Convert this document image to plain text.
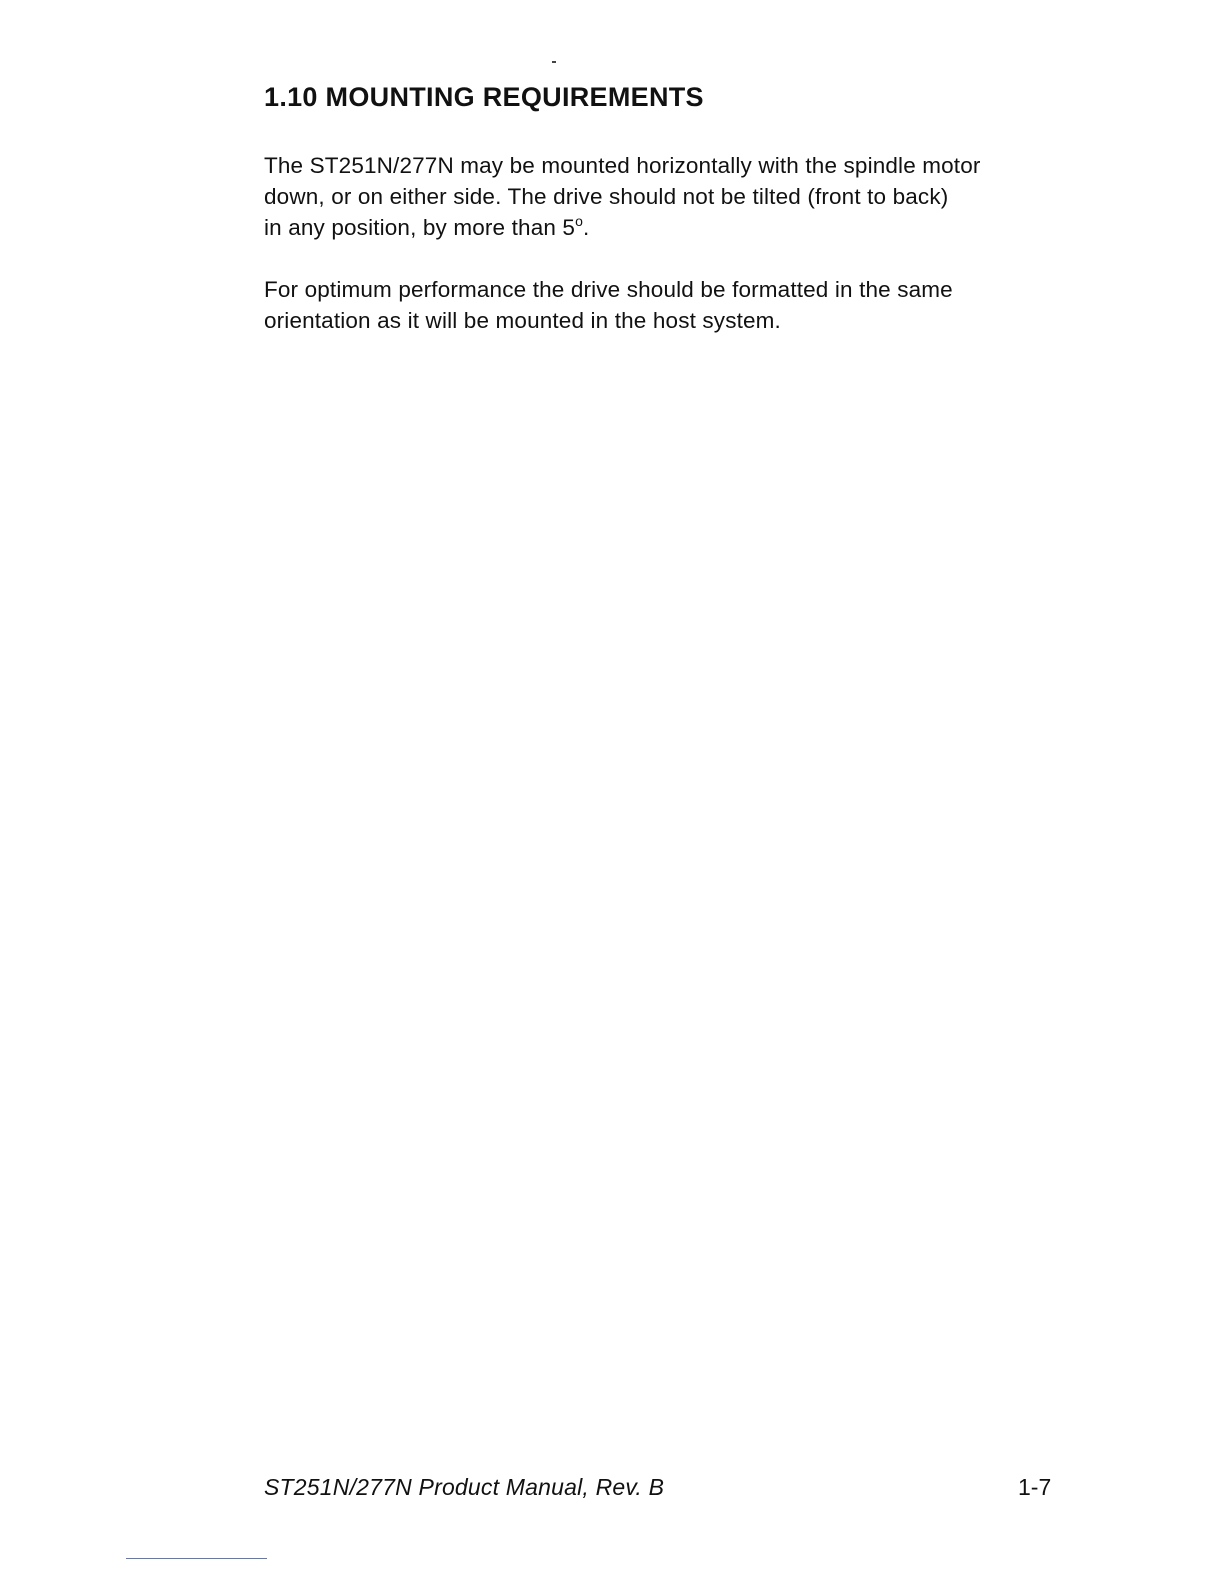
1.10 MOUNTING REQUIREMENTS

The ST251N/277N may be mounted horizontally with the spindle motor
down, or on either side. The drive should not be tilted (front to back)
in any position, by more than 5$^o$.

For optimum performance the drive should be formatted in the same
orientation as it will be mounted in the host system.

ST251N/277N Product Manual, Rev. B	1-7
